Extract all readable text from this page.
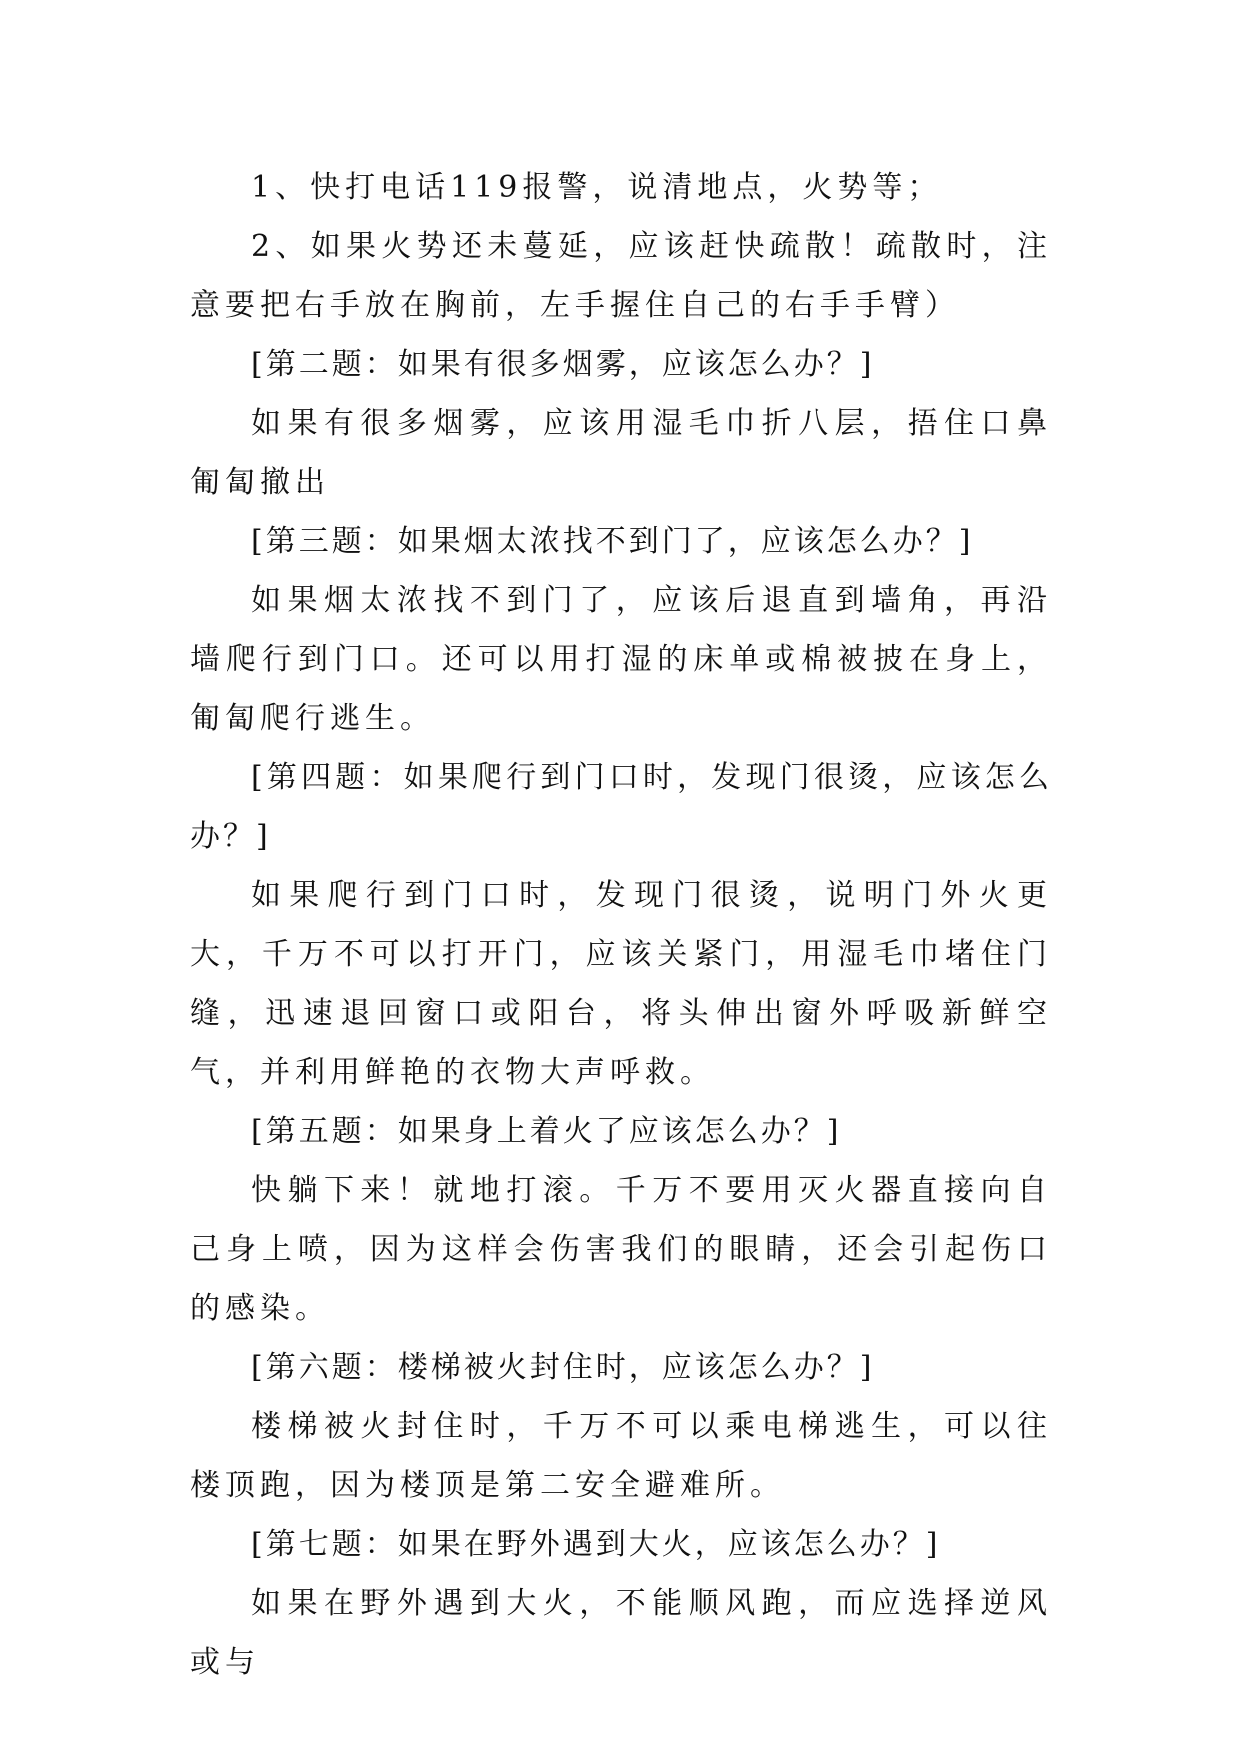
1、快打电话119报警，说清地点，火势等；

2、如果火势还未蔓延，应该赶快疏散！疏散时，注意要把右手放在胸前，左手握住自己的右手手臂）

[第二题：如果有很多烟雾，应该怎么办？]

如果有很多烟雾，应该用湿毛巾折八层，捂住口鼻匍匐撤出

[第三题：如果烟太浓找不到门了，应该怎么办？]

如果烟太浓找不到门了，应该后退直到墙角，再沿墙爬行到门口。还可以用打湿的床单或棉被披在身上，匍匐爬行逃生。

[第四题：如果爬行到门口时，发现门很烫，应该怎么办？]

如果爬行到门口时，发现门很烫，说明门外火更大，千万不可以打开门，应该关紧门，用湿毛巾堵住门缝，迅速退回窗口或阳台，将头伸出窗外呼吸新鲜空气，并利用鲜艳的衣物大声呼救。

[第五题：如果身上着火了应该怎么办？]

快躺下来！就地打滚。千万不要用灭火器直接向自己身上喷，因为这样会伤害我们的眼睛，还会引起伤口的感染。

[第六题：楼梯被火封住时，应该怎么办？]

楼梯被火封住时，千万不可以乘电梯逃生，可以往楼顶跑，因为楼顶是第二安全避难所。

[第七题：如果在野外遇到大火，应该怎么办？]

如果在野外遇到大火，不能顺风跑，而应选择逆风或与
